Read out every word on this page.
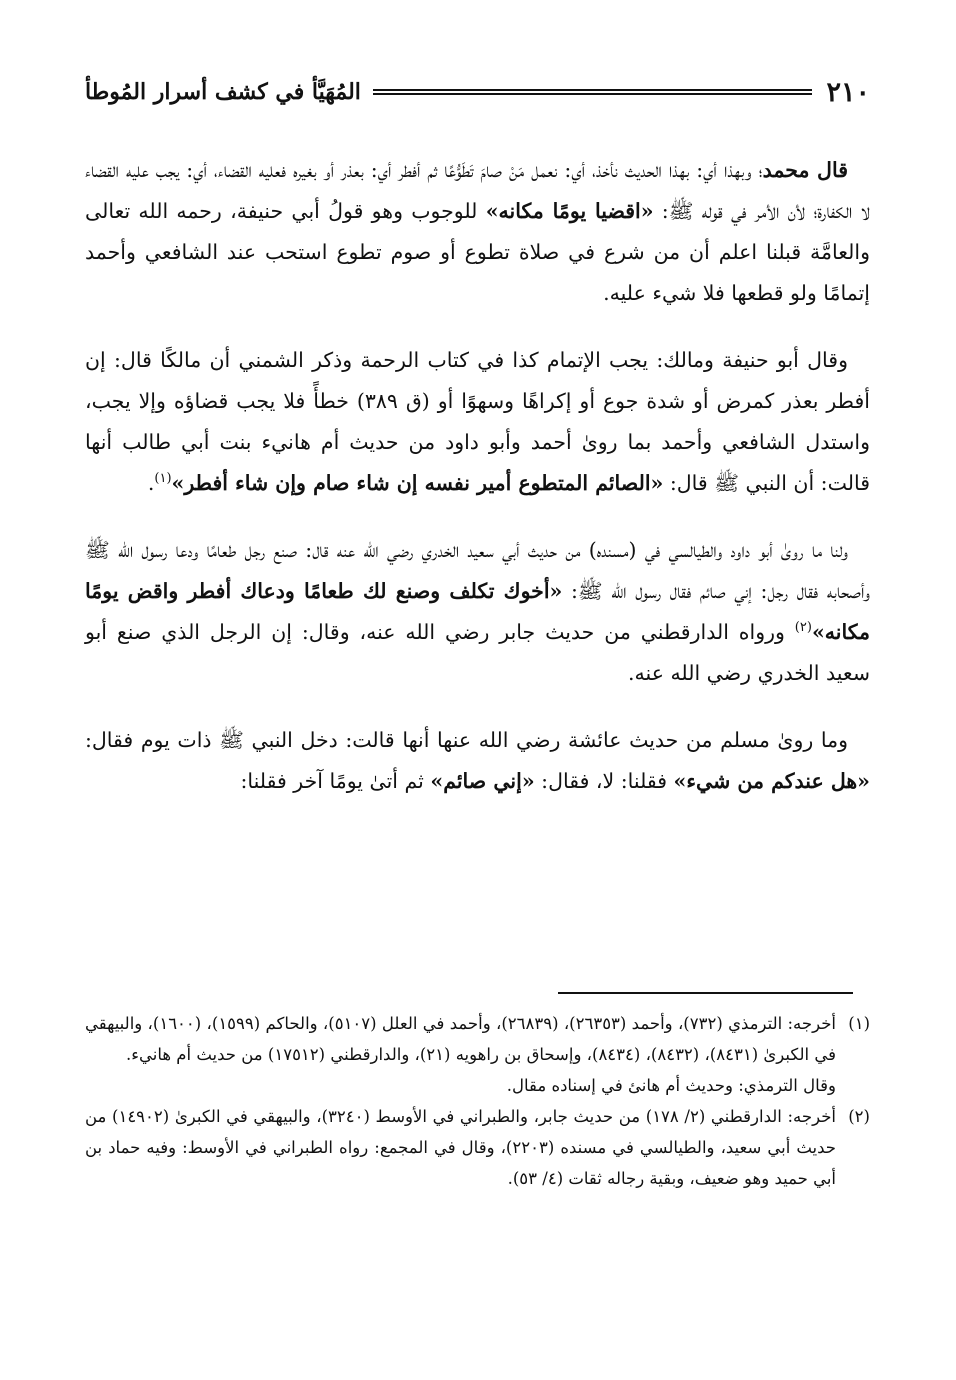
٢١٠
المُهَيَّأ في كشف أسرار المُوطأ

قال محمد؛ وبهذا أي: بهذا الحديث نأخذ، أي: نعمل مَنْ صامَ تَطَوُّعًا ثم أفطر أي: بعذر أو بغيره فعليه القضاء، أي: يجب عليه القضاء لا الكفارة؛ لأن الأمر في قوله ﷺ: «اقضيا يومًا مكانه» للوجوب وهو قولُ أبي حنيفة، رحمه الله تعالى والعامَّة قبلنا اعلم أن من شرع في صلاة تطوع أو صوم تطوع استحب عند الشافعي وأحمد إتمامًا ولو قطعها فلا شيء عليه.

وقال أبو حنيفة ومالك: يجب الإتمام كذا في كتاب الرحمة وذكر الشمني أن مالكًا قال: إن أفطر بعذر كمرض أو شدة جوع أو إكراهًا وسهوًا أو (ق ٣٨٩) خطأً فلا يجب قضاؤه وإلا يجب، واستدل الشافعي وأحمد بما روىٰ أحمد وأبو داود من حديث أم هانيء بنت أبي طالب أنها قالت: أن النبي ﷺ قال: «الصائم المتطوع أمير نفسه إن شاء صام وإن شاء أفطر»$^{(١)}$.

ولنا ما روىٰ أبو داود والطيالسي في (مسنده) من حديث أبي سعيد الخدري رضي الله عنه قال: صنع رجل طعامًا ودعا رسول الله ﷺ وأصحابه فقال رجل: إني صائم فقال رسول الله ﷺ: «أخوك تكلف وصنع لك طعامًا ودعاك أفطر واقض يومًا مكانه»$^{(٢)}$ ورواه الدارقطني من حديث جابر رضي الله عنه، وقال: إن الرجل الذي صنع أبو سعيد الخدري رضي الله عنه.

وما روىٰ مسلم من حديث عائشة رضي الله عنها أنها قالت: دخل النبي ﷺ ذات يوم فقال: «هل عندكم من شيء» فقلنا: لا، فقال: «إني صائم» ثم أتىٰ يومًا آخر فقلنا:

(١)أخرجه: الترمذي (٧٣٢)، وأحمد (٢٦٣٥٣)، (٢٦٨٣٩)، وأحمد في العلل (٥١٠٧)، والحاكم (١٥٩٩)، (١٦٠٠)، والبيهقي في الكبرىٰ (٨٤٣١)، (٨٤٣٢)، (٨٤٣٤)، وإسحاق بن راهويه (٢١)، والدارقطني (١٧٥١٢) من حديث أم هانيء.

وقال الترمذي: وحديث أم هانئ في إسناده مقال.

(٢)أخرجه: الدارقطني (٢/ ١٧٨) من حديث جابر، والطبراني في الأوسط (٣٢٤٠)، والبيهقي في الكبرىٰ (١٤٩٠٢) من حديث أبي سعيد، والطيالسي في مسنده (٢٢٠٣)، وقال في المجمع: رواه الطبراني في الأوسط: وفيه حماد بن أبي حميد وهو ضعيف، وبقية رجاله ثقات (٤/ ٥٣).
